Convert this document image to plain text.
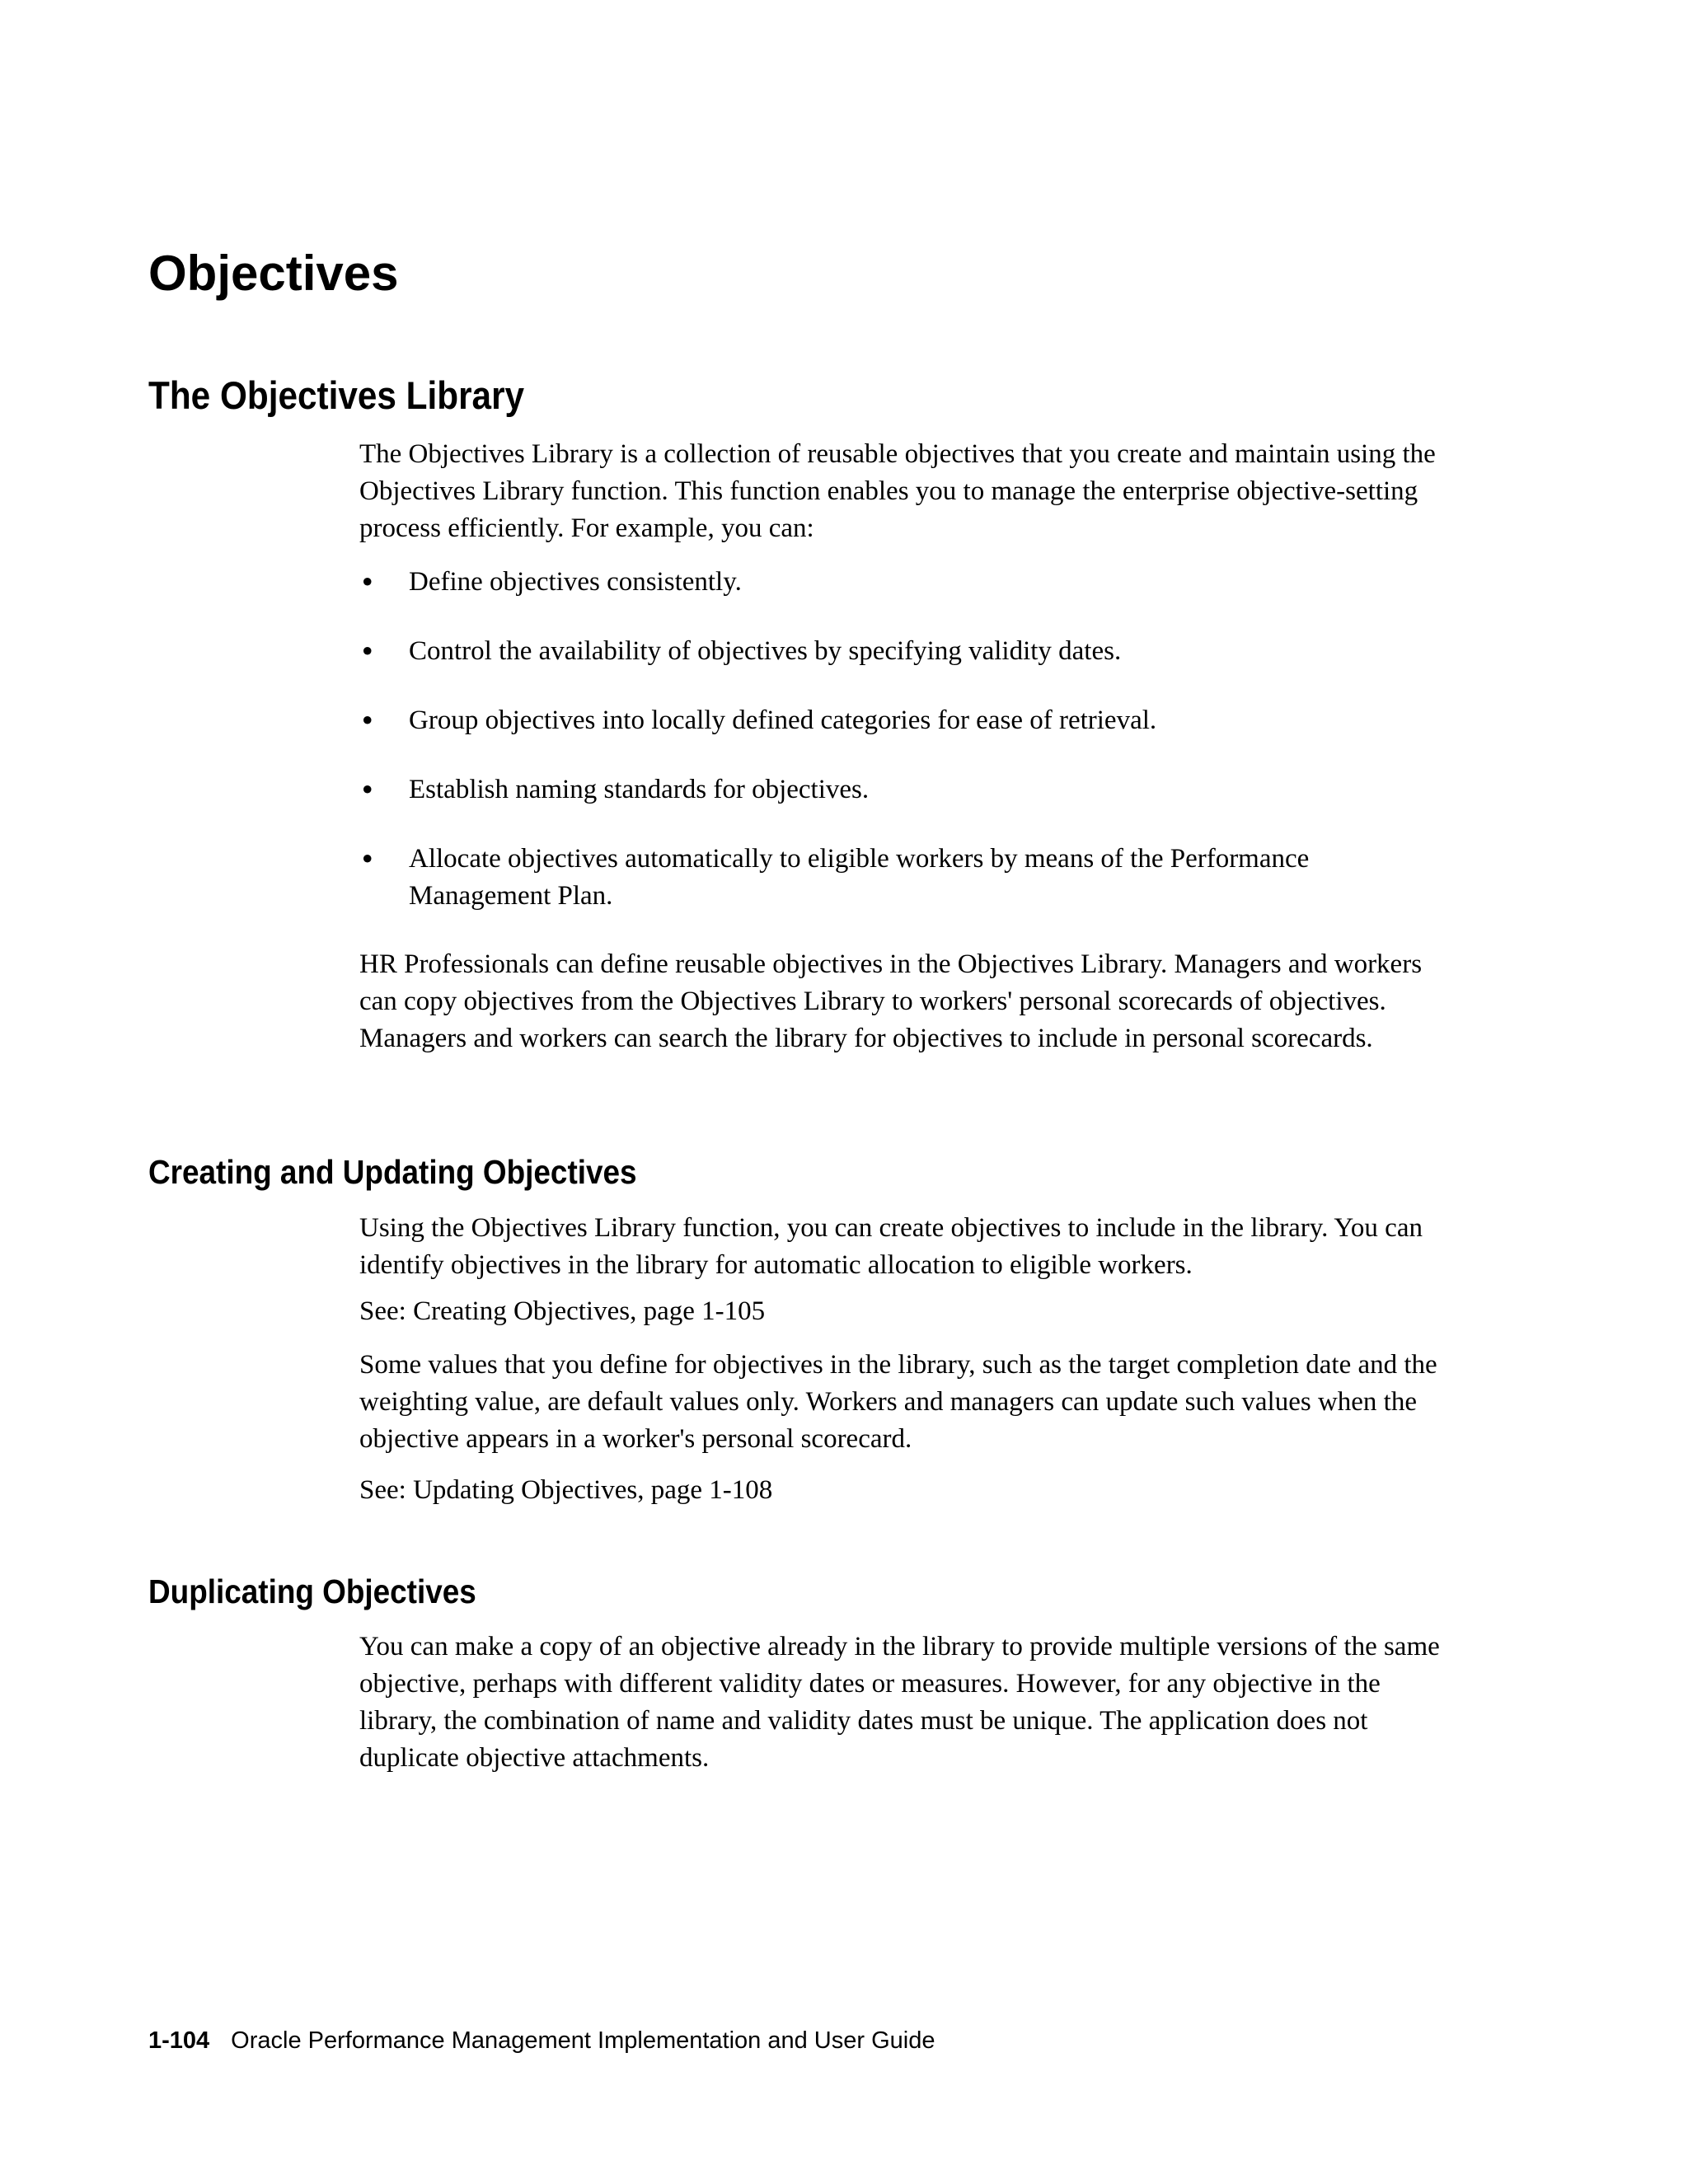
Objectives
The Objectives Library

The Objectives Library is a collection of reusable objectives that you create and maintain using the Objectives Library function. This function enables you to manage the enterprise objective-setting process efficiently. For example, you can:

• Define objectives consistently.
• Control the availability of objectives by specifying validity dates.
• Group objectives into locally defined categories for ease of retrieval.
• Establish naming standards for objectives.
• Allocate objectives automatically to eligible workers by means of the Performance Management Plan.

HR Professionals can define reusable objectives in the Objectives Library. Managers and workers can copy objectives from the Objectives Library to workers' personal scorecards of objectives. Managers and workers can search the library for objectives to include in personal scorecards.

Creating and Updating Objectives

Using the Objectives Library function, you can create objectives to include in the library. You can identify objectives in the library for automatic allocation to eligible workers.

See: Creating Objectives, page 1-105

Some values that you define for objectives in the library, such as the target completion date and the weighting value, are default values only. Workers and managers can update such values when the objective appears in a worker's personal scorecard.

See: Updating Objectives, page 1-108

Duplicating Objectives

You can make a copy of an objective already in the library to provide multiple versions of the same objective, perhaps with different validity dates or measures. However, for any objective in the library, the combination of name and validity dates must be unique. The application does not duplicate objective attachments.

1-104 Oracle Performance Management Implementation and User Guide
